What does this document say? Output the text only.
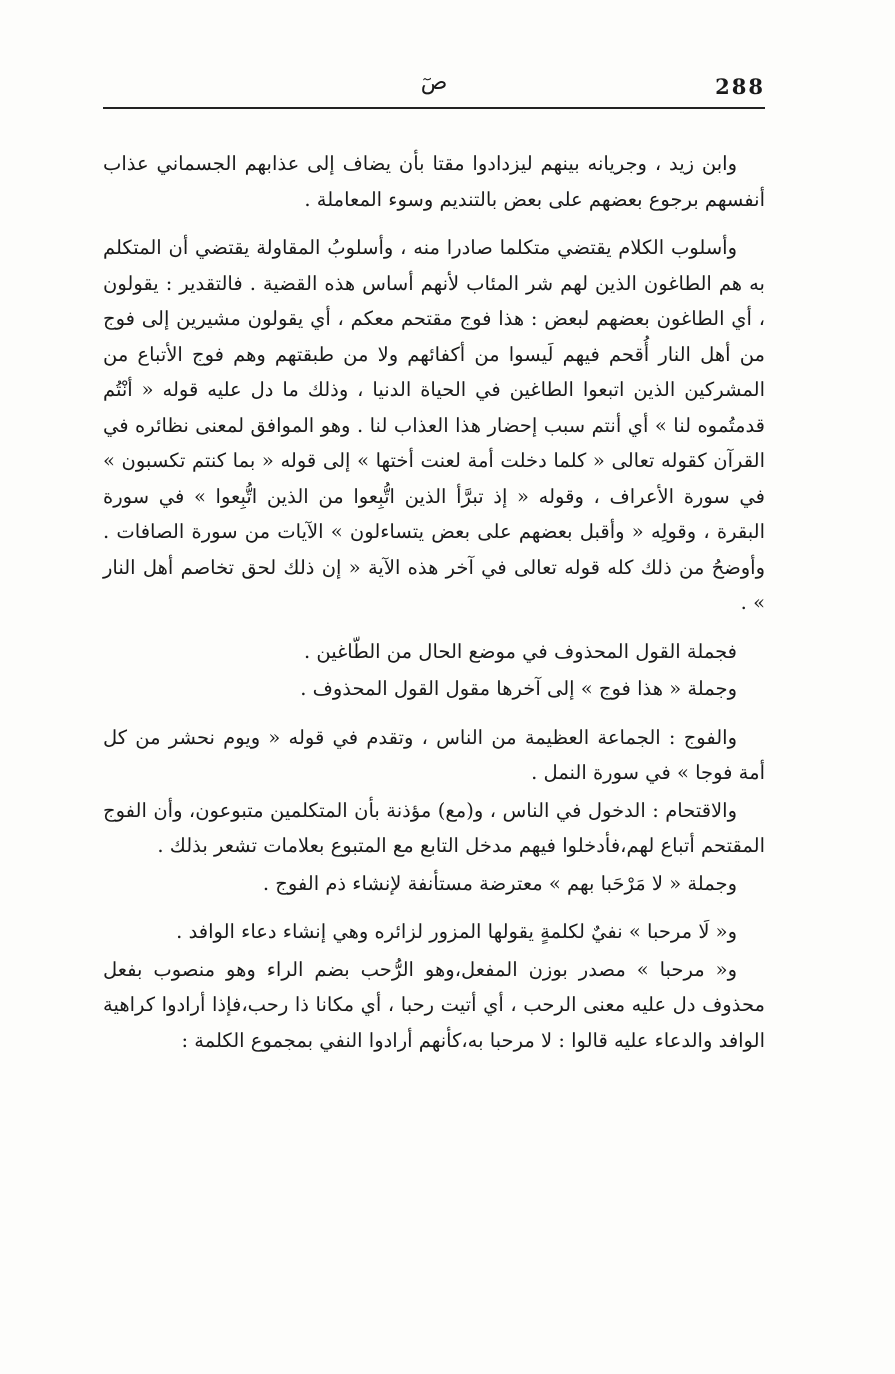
288
صٓ

وابن زيد ، وجريانه بينهم ليزدادوا مقتا بأن يضاف إلى عذابهم الجسماني عذاب أنفسهم برجوع بعضهم على بعض بالتنديم وسوء المعاملة .

وأسلوب الكلام يقتضي متكلما صادرا منه ، وأسلوبُ المقاولة يقتضي أن المتكلم به هم الطاغون الذين لهم شر المئاب لأنهم أساس هذه القضية . فالتقدير : يقولون ، أي الطاغون بعضهم لبعض : هذا فوج مقتحم معكم ، أي يقولون مشيرين إلى فوج من أهل النار أُقحم فيهم لَيسوا من أكفائهم ولا من طبقتهم وهم فوج الأتباع من المشركين الذين اتبعوا الطاغين في الحياة الدنيا ، وذلك ما دل عليه قوله « أنْتُم قدمتُموه لنا » أي أنتم سبب إحضار هذا العذاب لنا . وهو الموافق لمعنى نظائره في القرآن كقوله تعالى « كلما دخلت أمة لعنت أختها » إلى قوله « بما كنتم تكسبون » في سورة الأعراف ، وقوله « إذ تبرَّأ الذين اتُّبِعوا من الذين اتُّبِعوا » في سورة البقرة ، وقولِه « وأقبل بعضهم على بعض يتساءلون » الآيات من سورة الصافات . وأوضحُ من ذلك كله قوله تعالى في آخر هذه الآية « إن ذلك لحق تخاصم أهل النار » .

فجملة القول المحذوف في موضع الحال من الطّاغين .

وجملة « هذا فوج » إلى آخرها مقول القول المحذوف .

والفوج : الجماعة العظيمة من الناس ، وتقدم في قوله « ويوم نحشر من كل أمة فوجا » في سورة النمل .

والاقتحام : الدخول في الناس ، و(مع) مؤذنة بأن المتكلمين متبوعون، وأن الفوج المقتحم أتباع لهم،فأدخلوا فيهم مدخل التابع مع المتبوع بعلامات تشعر بذلك .

وجملة « لا مَرْحَبا بهم » معترضة مستأنفة لإنشاء ذم الفوج .

و« لَا مرحبا » نفيٌ لكلمةٍ يقولها المزور لزائره وهي إنشاء دعاء الوافد .

و« مرحبا » مصدر بوزن المفعل،وهو الرُّحب بضم الراء وهو منصوب بفعل محذوف دل عليه معنى الرحب ، أي أتيت رحبا ، أي مكانا ذا رحب،فإذا أرادوا كراهية الوافد والدعاء عليه قالوا : لا مرحبا به،كأنهم أرادوا النفي بمجموع الكلمة :
